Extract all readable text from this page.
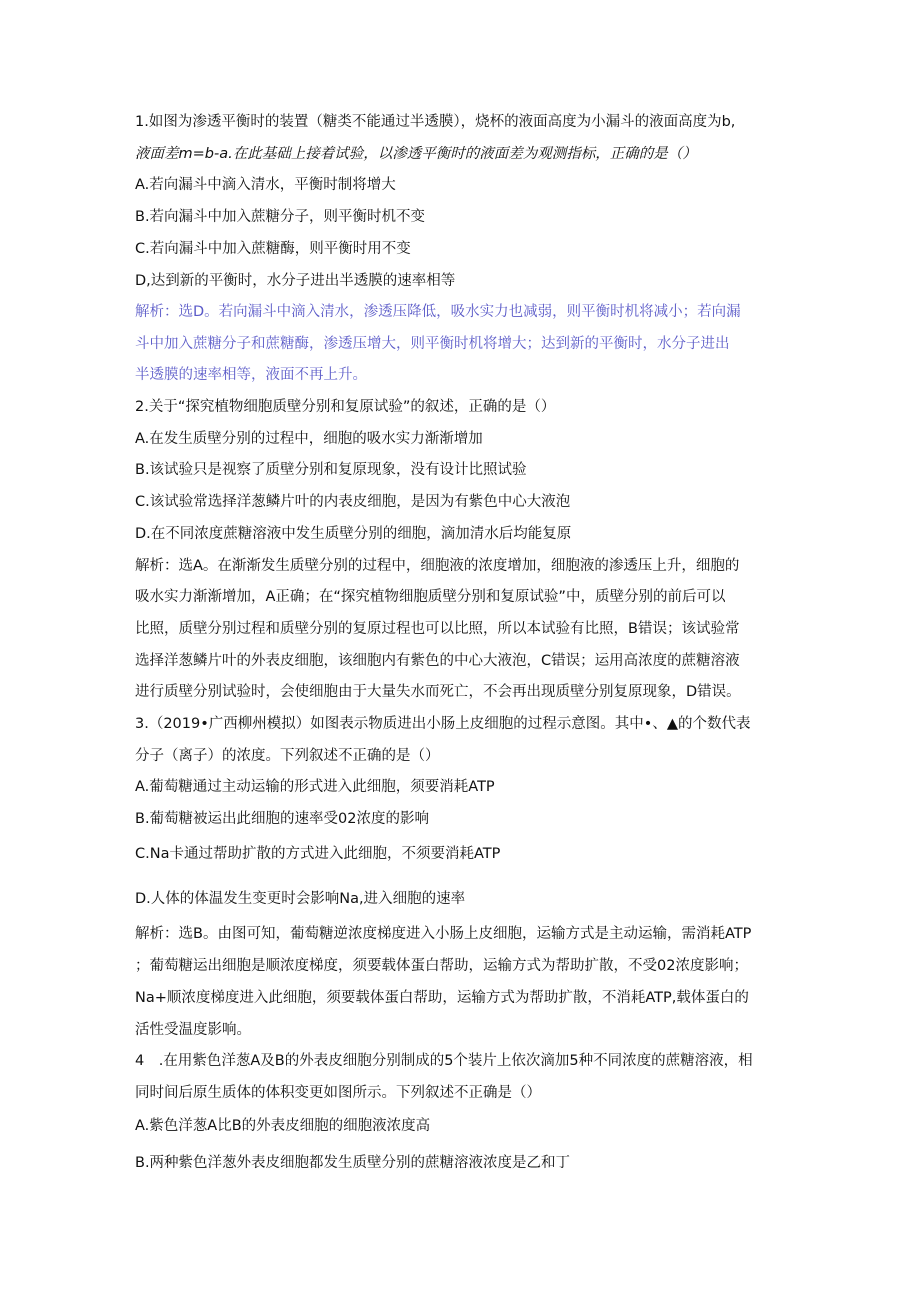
1.如图为渗透平衡时的装置（糖类不能通过半透膜），烧杯的液面高度为小漏斗的液面高度为b,
液面差m=b-a.在此基础上接着试验，以渗透平衡时的液面差为观测指标，正确的是（）
A.若向漏斗中滴入清水，平衡时制将增大
B.若向漏斗中加入蔗糖分子，则平衡时机不变
C.若向漏斗中加入蔗糖酶，则平衡时用不变
D,达到新的平衡时，水分子进出半透膜的速率相等
解析：选D。若向漏斗中滴入清水，渗透压降低，吸水实力也减弱，则平衡时机将减小；若向漏
斗中加入蔗糖分子和蔗糖酶，渗透压增大，则平衡时机将增大；达到新的平衡时，水分子进出
半透膜的速率相等，液面不再上升。
2.关于“探究植物细胞质壁分别和复原试验”的叙述，正确的是（）
A.在发生质壁分别的过程中，细胞的吸水实力渐渐增加
B.该试验只是视察了质壁分别和复原现象，没有设计比照试验
C.该试验常选择洋葱鳞片叶的内表皮细胞，是因为有紫色中心大液泡
D.在不同浓度蔗糖溶液中发生质壁分别的细胞，滴加清水后均能复原
解析：选A。在渐渐发生质壁分别的过程中，细胞液的浓度增加，细胞液的渗透压上升，细胞的
吸水实力渐渐增加，A正确；在“探究植物细胞质壁分别和复原试验”中，质壁分别的前后可以
比照，质壁分别过程和质壁分别的复原过程也可以比照，所以本试验有比照，B错误；该试验常
选择洋葱鳞片叶的外表皮细胞，该细胞内有紫色的中心大液泡，C错误；运用高浓度的蔗糖溶液
进行质壁分别试验时，会使细胞由于大量失水而死亡，不会再出现质壁分别复原现象，D错误。
3.（2019•广西柳州模拟）如图表示物质进出小肠上皮细胞的过程示意图。其中•、▲的个数代表
分子（离子）的浓度。下列叙述不正确的是（）
A.葡萄糖通过主动运输的形式进入此细胞，须要消耗ATP
B.葡萄糖被运出此细胞的速率受02浓度的影响
C.Na卡通过帮助扩散的方式进入此细胞，不须要消耗ATP
D.人体的体温发生变更时会影响Na,进入细胞的速率
解析：选B。由图可知，葡萄糖逆浓度梯度进入小肠上皮细胞，运输方式是主动运输，需消耗ATP
；葡萄糖运出细胞是顺浓度梯度，须要载体蛋白帮助，运输方式为帮助扩散，不受02浓度影响；
Na+顺浓度梯度进入此细胞，须要载体蛋白帮助，运输方式为帮助扩散，不消耗ATP,载体蛋白的
活性受温度影响。
4　.在用紫色洋葱A及B的外表皮细胞分别制成的5个装片上依次滴加5种不同浓度的蔗糖溶液，相
同时间后原生质体的体积变更如图所示。下列叙述不正确是（）
A.紫色洋葱A比B的外表皮细胞的细胞液浓度高
B.两种紫色洋葱外表皮细胞都发生质壁分别的蔗糖溶液浓度是乙和丁
